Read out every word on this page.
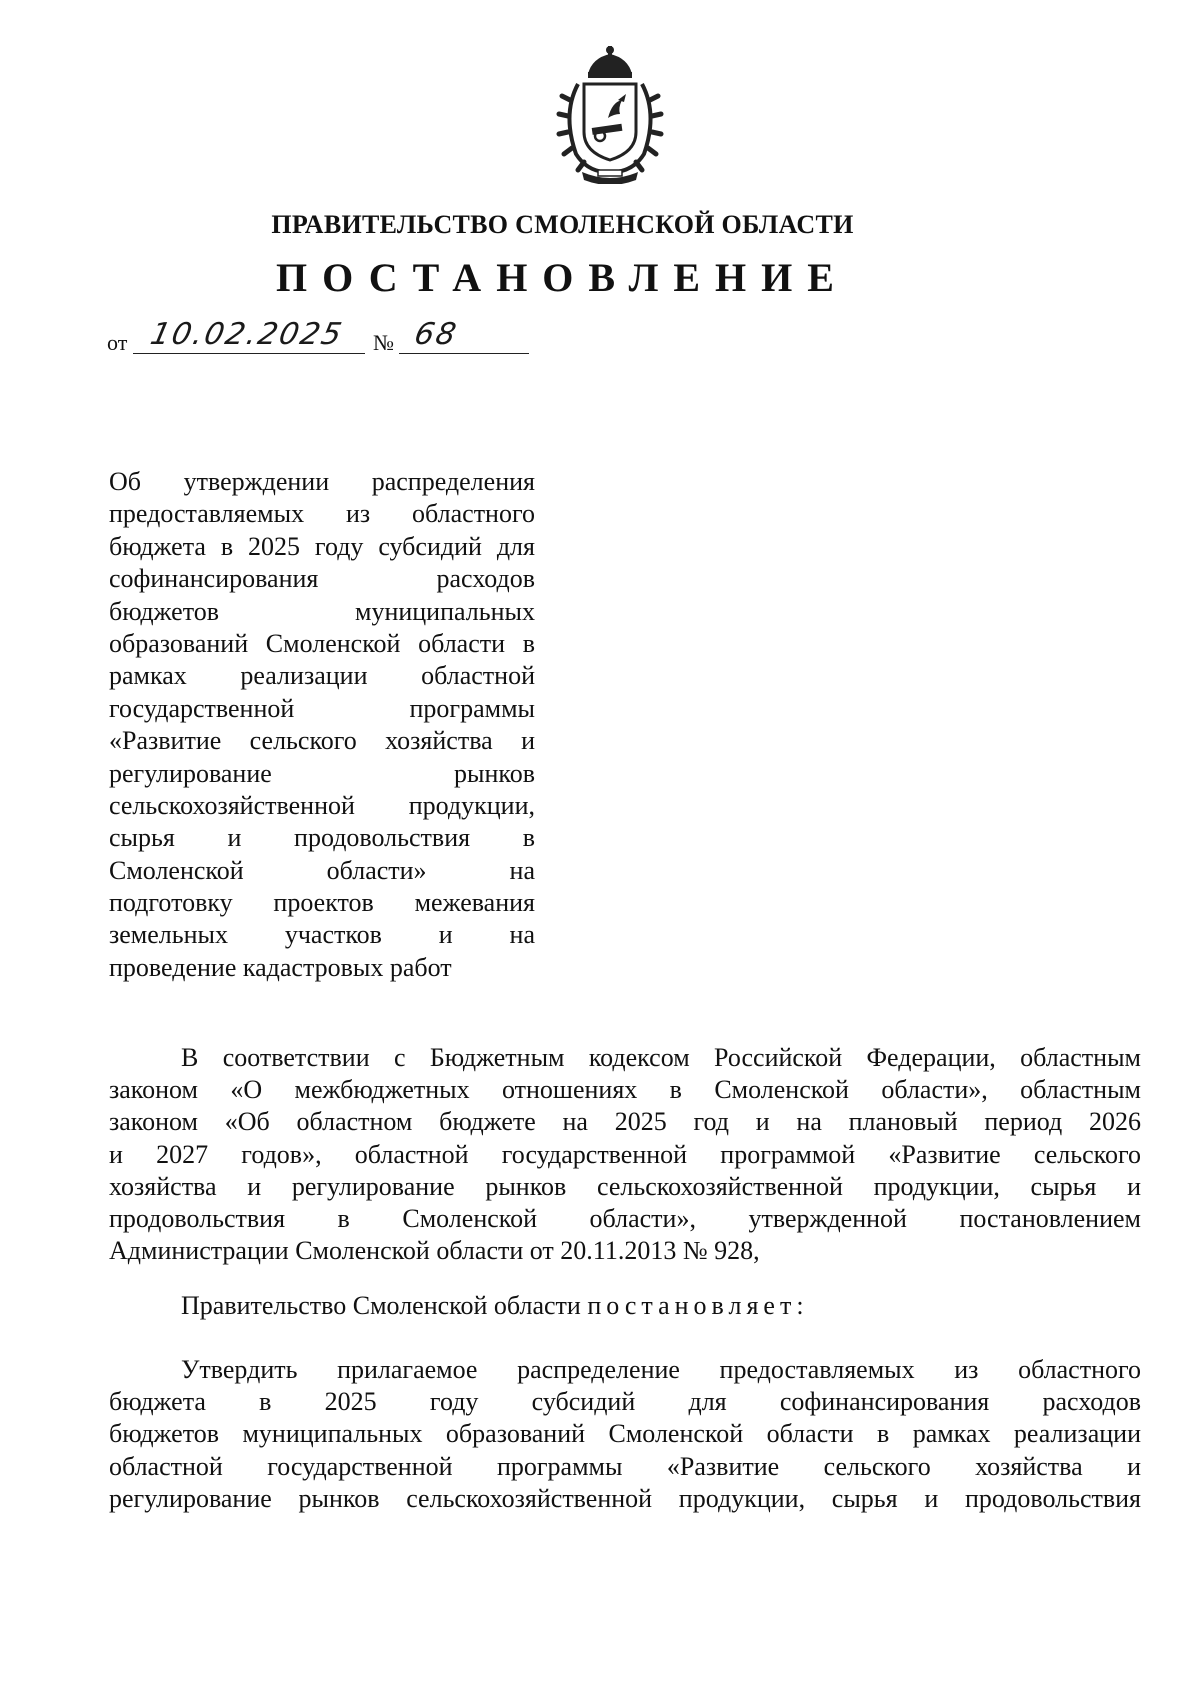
ПРАВИТЕЛЬСТВО СМОЛЕНСКОЙ ОБЛАСТИ
ПОСТАНОВЛЕНИЕ
от 10.02.2025 № 68
Об утверждении распределения
предоставляемых из областного
бюджета в 2025 году субсидий для
софинансирования расходов
бюджетов муниципальных
образований Смоленской области в
рамках реализации областной
государственной программы
«Развитие сельского хозяйства и
регулирование рынков
сельскохозяйственной продукции,
сырья и продовольствия в
Смоленской области» на
подготовку проектов межевания
земельных участков и на
проведение кадастровых работ
В соответствии с Бюджетным кодексом Российской Федерации, областным
законом «О межбюджетных отношениях в Смоленской области», областным
законом «Об областном бюджете на 2025 год и на плановый период 2026
и 2027 годов», областной государственной программой «Развитие сельского
хозяйства и регулирование рынков сельскохозяйственной продукции, сырья и
продовольствия в Смоленской области», утвержденной постановлением
Администрации Смоленской области от 20.11.2013 № 928,
Правительство Смоленской области постановляет:
Утвердить прилагаемое распределение предоставляемых из областного
бюджета в 2025 году субсидий для софинансирования расходов
бюджетов муниципальных образований Смоленской области в рамках реализации
областной государственной программы «Развитие сельского хозяйства и
регулирование рынков сельскохозяйственной продукции, сырья и продовольствия
